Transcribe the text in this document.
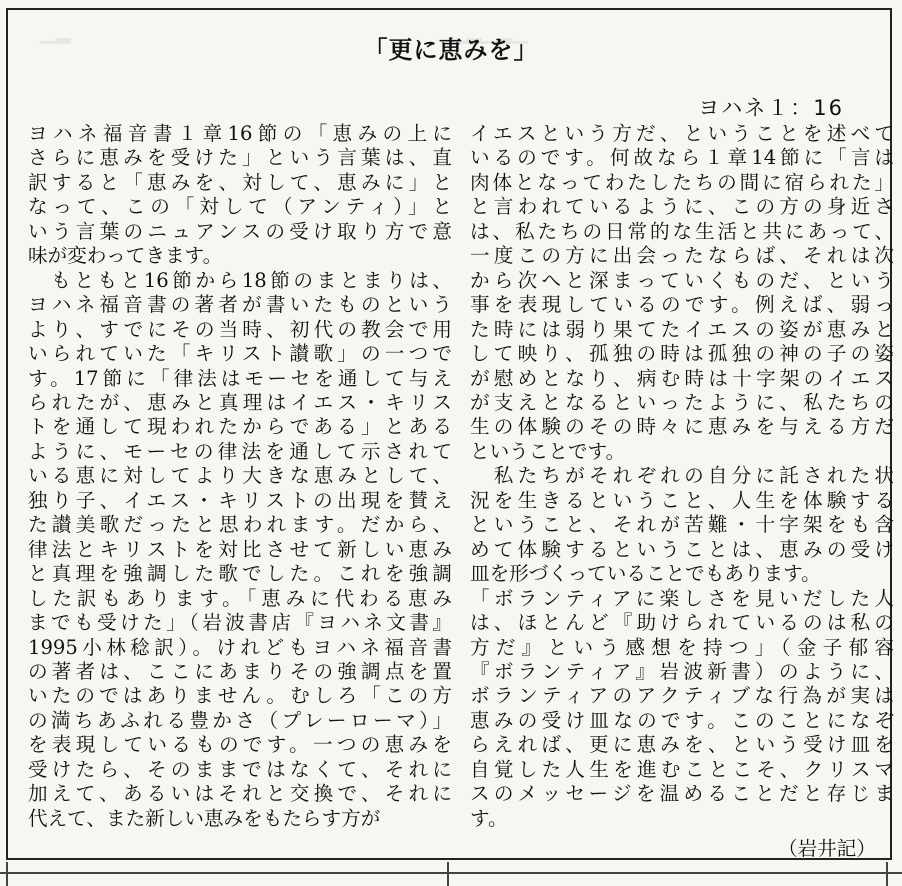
▁▂　　　　　　　　　　　　　　　　　　　▁▂▁▂▁
「更に恵みを」
ヨハネ１：16
ヨハネ福音書１章16節の「恵みの上に
さらに恵みを受けた」という言葉は、直
訳すると「恵みを、対して、恵みに」と
なって、この「対して（アンティ）」と
いう言葉のニュアンスの受け取り方で意
味が変わってきます。
　もともと16節から18節のまとまりは、
ヨハネ福音書の著者が書いたものという
より、すでにその当時、初代の教会で用
いられていた「キリスト讃歌」の一つで
す。17節に「律法はモーセを通して与え
られたが、恵みと真理はイエス・キリス
トを通して現われたからである」とある
ように、モーセの律法を通して示されて
いる恵に対してより大きな恵みとして、
独り子、イエス・キリストの出現を賛え
た讃美歌だったと思われます。だから、
律法とキリストを対比させて新しい恵み
と真理を強調した歌でした。これを強調
した訳もあります。「恵みに代わる恵み
までも受けた」（岩波書店『ヨハネ文書』
1995小林稔訳）。けれどもヨハネ福音書
の著者は、ここにあまりその強調点を置
いたのではありません。むしろ「この方
の満ちあふれる豊かさ（プレーローマ）」
を表現しているものです。一つの恵みを
受けたら、そのままではなくて、それに
加えて、あるいはそれと交換で、それに
代えて、また新しい恵みをもたらす方が
イエスという方だ、ということを述べて
いるのです。何故なら１章14節に「言は
肉体となってわたしたちの間に宿られた」
と言われているように、この方の身近さ
は、私たちの日常的な生活と共にあって、
一度この方に出会ったならば、それは次
から次へと深まっていくものだ、という
事を表現しているのです。例えば、弱っ
た時には弱り果てたイエスの姿が恵みと
して映り、孤独の時は孤独の神の子の姿
が慰めとなり、病む時は十字架のイエス
が支えとなるといったように、私たちの
生の体験のその時々に恵みを与える方だ
ということです。
　私たちがそれぞれの自分に託された状
況を生きるということ、人生を体験する
ということ、それが苦難・十字架をも含
めて体験するということは、恵みの受け
皿を形づくっていることでもあります。
「ボランティアに楽しさを見いだした人
は、ほとんど『助けられているのは私の
方だ』という感想を持つ」（金子郁容
『ボランティア』岩波新書）のように、
ボランティアのアクティブな行為が実は
恵みの受け皿なのです。このことになぞ
らえれば、更に恵みを、という受け皿を
自覚した人生を進むことこそ、クリスマ
スのメッセージを温めることだと存じま
す。
（岩井記）
